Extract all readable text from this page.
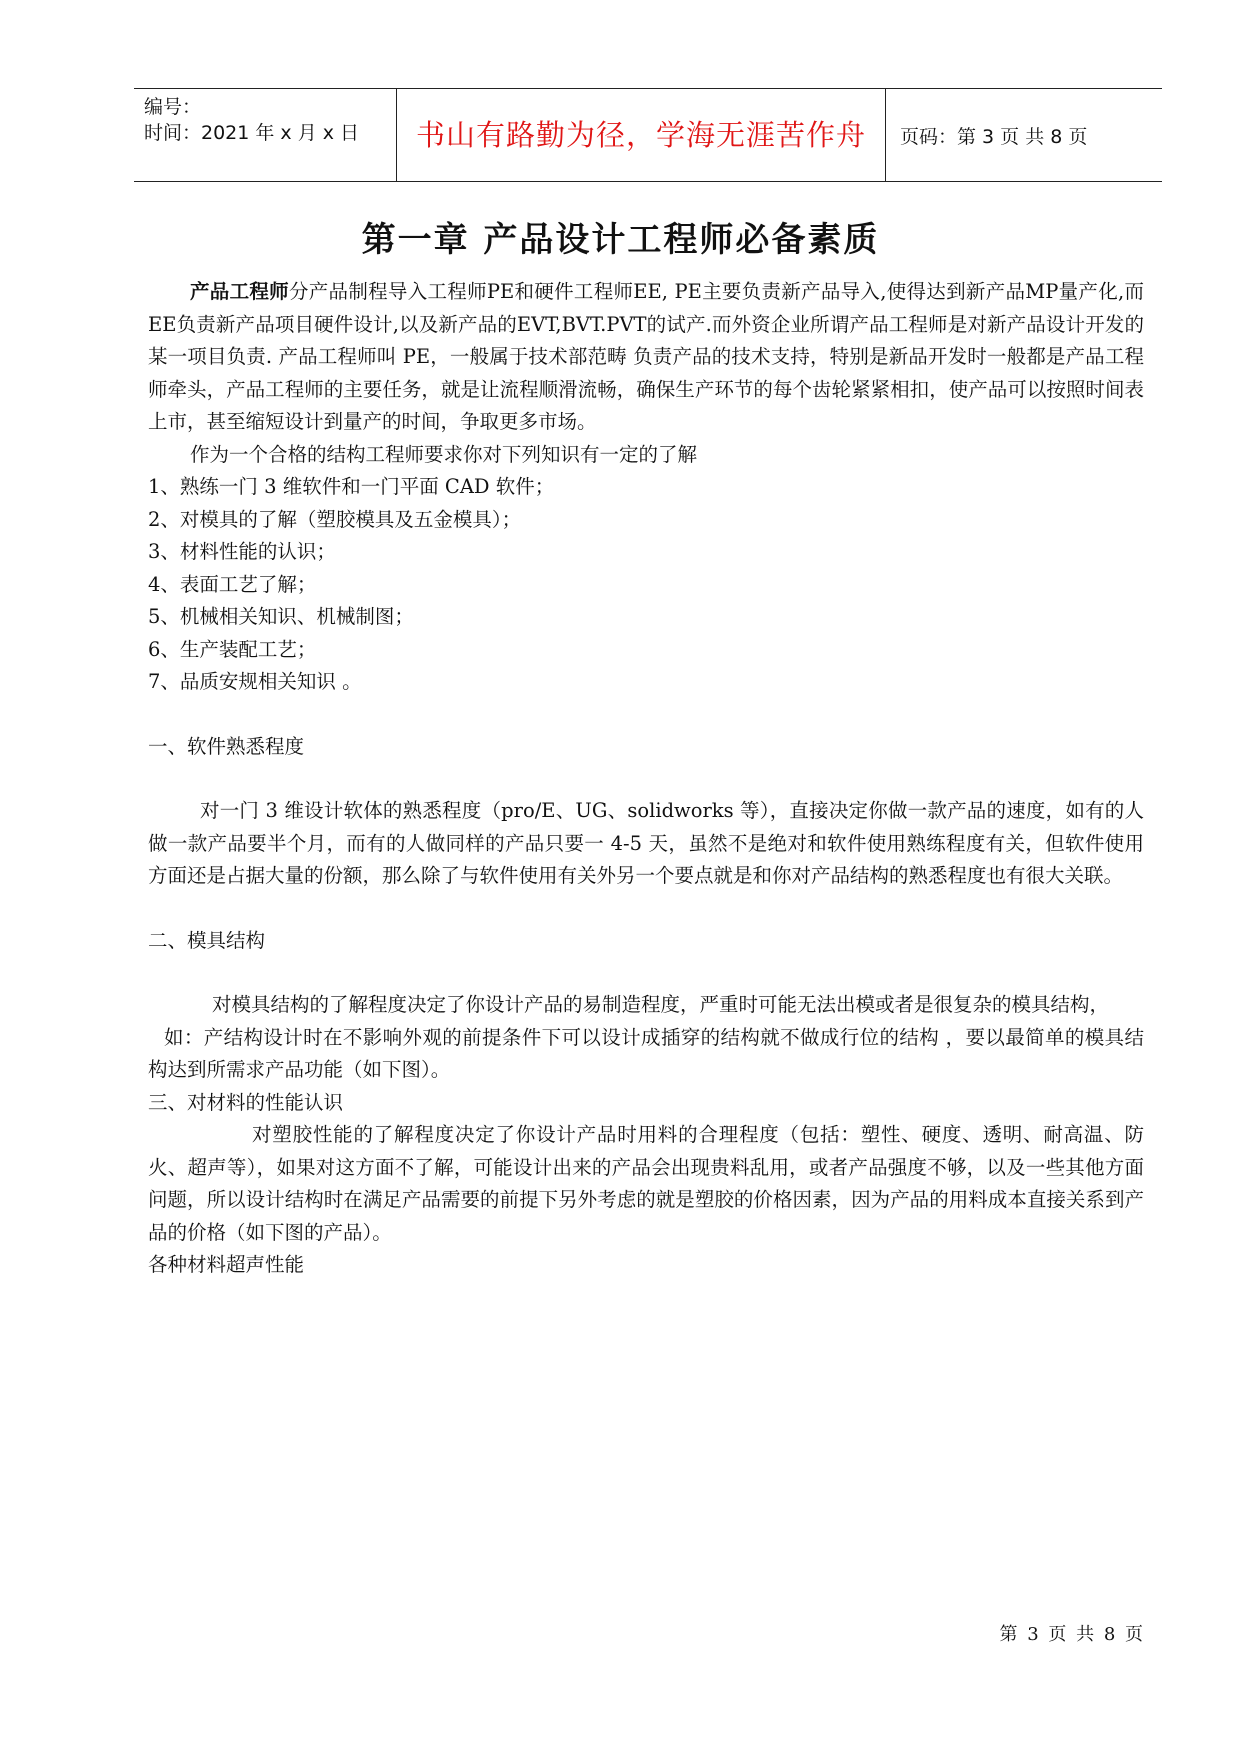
编号：
时间：2021 年 x 月 x 日	书山有路勤为径，学海无涯苦作舟	页码：第 3 页 共 8 页
第一章 产品设计工程师必备素质

产品工程师分产品制程导入工程师PE和硬件工程师EE, PE主要负责新产品导入,使得达到新产品MP量产化,而EE负责新产品项目硬件设计,以及新产品的EVT,BVT.PVT的试产.而外资企业所谓产品工程师是对新产品设计开发的某一项目负责. 产品工程师叫 PE，一般属于技术部范畴 负责产品的技术支持，特别是新品开发时一般都是产品工程师牵头，产品工程师的主要任务，就是让流程顺滑流畅，确保生产环节的每个齿轮紧紧相扣，使产品可以按照时间表上市，甚至缩短设计到量产的时间，争取更多市场。

作为一个合格的结构工程师要求你对下列知识有一定的了解

1、熟练一门 3 维软件和一门平面 CAD 软件；

2、对模具的了解（塑胶模具及五金模具）；

3、材料性能的认识；

4、表面工艺了解；

5、机械相关知识、机械制图；

6、生产装配工艺；

7、品质安规相关知识 。

一、软件熟悉程度

对一门 3 维设计软体的熟悉程度（pro/E、UG、solidworks 等），直接决定你做一款产品的速度，如有的人做一款产品要半个月，而有的人做同样的产品只要一 4-5 天，虽然不是绝对和软件使用熟练程度有关，但软件使用方面还是占据大量的份额，那么除了与软件使用有关外另一个要点就是和你对产品结构的熟悉程度也有很大关联。

二、模具结构

对模具结构的了解程度决定了你设计产品的易制造程度，严重时可能无法出模或者是很复杂的模具结构，

如：产结构设计时在不影响外观的前提条件下可以设计成插穿的结构就不做成行位的结构 ，要以最简单的模具结构达到所需求产品功能（如下图）。

三、对材料的性能认识

对塑胶性能的了解程度决定了你设计产品时用料的合理程度（包括：塑性、硬度、透明、耐高温、防火、超声等），如果对这方面不了解，可能设计出来的产品会出现贵料乱用，或者产品强度不够，以及一些其他方面问题，所以设计结构时在满足产品需要的前提下另外考虑的就是塑胶的价格因素，因为产品的用料成本直接关系到产品的价格（如下图的产品）。

各种材料超声性能

第 3 页 共 8 页
